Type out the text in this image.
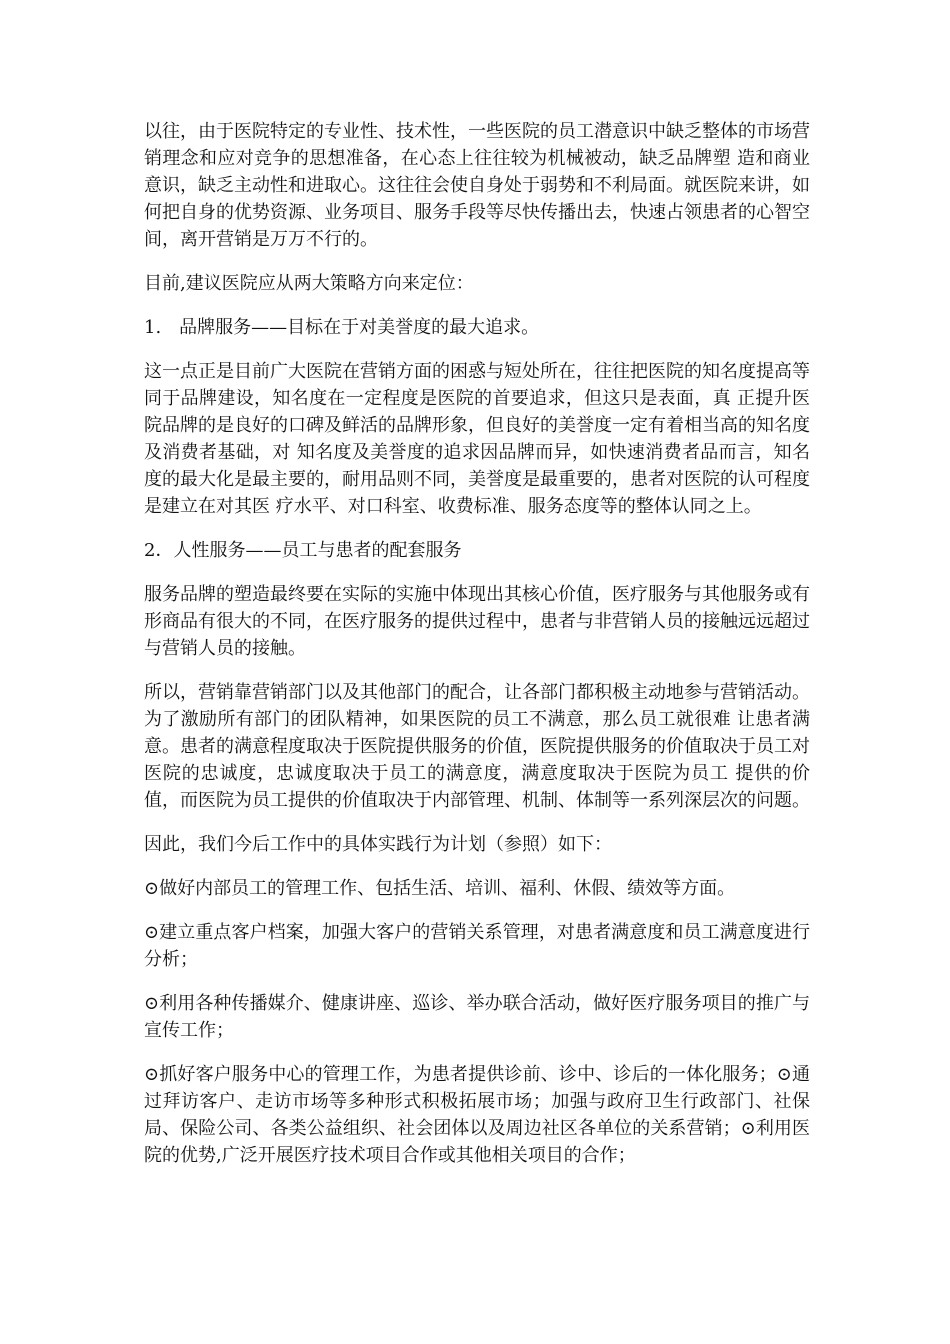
以往，由于医院特定的专业性、技术性，一些医院的员工潜意识中缺乏整体的市场营销理念和应对竞争的思想准备，在心态上往往较为机械被动，缺乏品牌塑 造和商业意识，缺乏主动性和进取心。这往往会使自身处于弱势和不利局面。就医院来讲，如何把自身的优势资源、业务项目、服务手段等尽快传播出去，快速占领患者的心智空间，离开营销是万万不行的。

目前,建议医院应从两大策略方向来定位：

1.　品牌服务——目标在于对美誉度的最大追求。

这一点正是目前广大医院在营销方面的困惑与短处所在，往往把医院的知名度提高等同于品牌建设，知名度在一定程度是医院的首要追求，但这只是表面，真 正提升医院品牌的是良好的口碑及鲜活的品牌形象，但良好的美誉度一定有着相当高的知名度及消费者基础，对 知名度及美誉度的追求因品牌而异，如快速消费者品而言，知名度的最大化是最主要的，耐用品则不同，美誉度是最重要的，患者对医院的认可程度是建立在对其医 疗水平、对口科室、收费标准、服务态度等的整体认同之上。

2．人性服务——员工与患者的配套服务

服务品牌的塑造最终要在实际的实施中体现出其核心价值，医疗服务与其他服务或有形商品有很大的不同，在医疗服务的提供过程中，患者与非营销人员的接触远远超过与营销人员的接触。

所以，营销靠营销部门以及其他部门的配合，让各部门都积极主动地参与营销活动。为了激励所有部门的团队精神，如果医院的员工不满意，那么员工就很难 让患者满意。患者的满意程度取决于医院提供服务的价值，医院提供服务的价值取决于员工对医院的忠诚度，忠诚度取决于员工的满意度，满意度取决于医院为员工 提供的价值，而医院为员工提供的价值取决于内部管理、机制、体制等一系列深层次的问题。

因此，我们今后工作中的具体实践行为计划（参照）如下：

⊙做好内部员工的管理工作、包括生活、培训、福利、休假、绩效等方面。

⊙建立重点客户档案，加强大客户的营销关系管理，对患者满意度和员工满意度进行分析；

⊙利用各种传播媒介、健康讲座、巡诊、举办联合活动，做好医疗服务项目的推广与宣传工作；

⊙抓好客户服务中心的管理工作，为患者提供诊前、诊中、诊后的一体化服务；⊙通过拜访客户、走访市场等多种形式积极拓展市场；加强与政府卫生行政部门、社保局、保险公司、各类公益组织、社会团体以及周边社区各单位的关系营销；⊙利用医院的优势,广泛开展医疗技术项目合作或其他相关项目的合作；
